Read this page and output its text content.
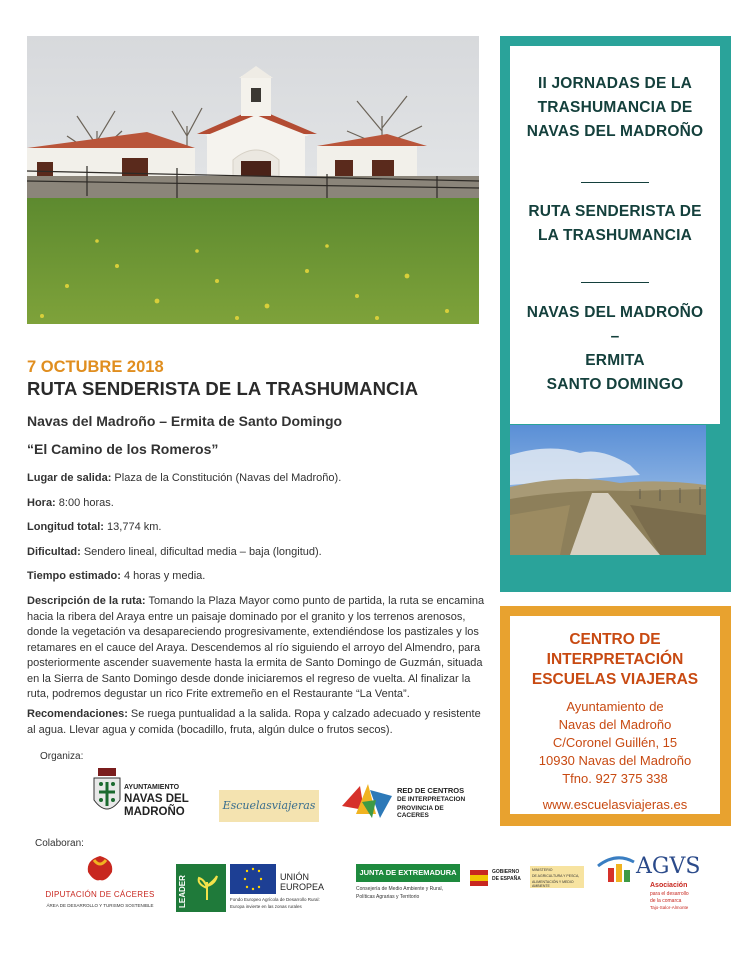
II JORNADAS DE LA
TRASHUMANCIA DE
NAVAS DEL MADROÑO
RUTA SENDERISTA DE
LA TRASHUMANCIA
NAVAS DEL MADROÑO
–
ERMITA
SANTO DOMINGO
CENTRO DE
INTERPRETACIÓN
ESCUELAS VIAJERAS
Ayuntamiento de
Navas del Madroño
C/Coronel Guillén, 15
10930 Navas del Madroño
Tfno. 927 375 338
www.escuelasviajeras.es
7 OCTUBRE 2018
RUTA SENDERISTA DE LA TRASHUMANCIA
Navas del Madroño – Ermita de Santo Domingo
“El Camino de los Romeros”
Lugar de salida: Plaza de la Constitución (Navas del Madroño).
Hora: 8:00 horas.
Longitud total: 13,774 km.
Dificultad: Sendero lineal, dificultad media – baja (longitud).
Tiempo estimado: 4 horas y media.
Descripción de la ruta: Tomando la Plaza Mayor como punto de partida, la ruta se encamina hacia la ribera del Araya entre un paisaje dominado por el granito y los terrenos arenosos, donde la vegetación va desapareciendo progresivamente, extendiéndose los pastizales y los retamares en el cauce del Araya. Descendemos al río siguiendo el arroyo del Almendro, para posteriormente ascender suavemente hasta la ermita de Santo Domingo de Guzmán, situada en la Sierra de Santo Domingo desde donde iniciaremos el regreso de vuelta. Al finalizar la ruta, podremos degustar un rico Frite extremeño en el Restaurante “La Venta”.
Recomendaciones: Se ruega puntualidad a la salida. Ropa y calzado adecuado y resistente al agua. Llevar agua y comida (bocadillo, fruta, algún dulce o frutos secos).
Organiza:
AYUNTAMIENTO
NAVAS DEL
MADROÑO	Escuelasviajeras
RED DE CENTROS
DE INTERPRETACION
PROVINCIA DE CACERES
Colaboran:
DIPUTACIÓN DE CÁCERES
ÁREA DE DESARROLLO Y TURISMO SOSTENIBLE	LEADER	UNIÓN EUROPEA
Fondo Europeo Agrícola de Desarrollo Rural:
Europa invierte en las zonas rurales
JUNTA DE EXTREMADURA
Consejería de Medio Ambiente y Rural,
Políticas Agrarias y Territorio
GOBIERNO
DE ESPAÑA
MINISTERIO
DE AGRICULTURA Y PESCA,
ALIMENTACIÓN Y MEDIO AMBIENTE
AGVS
Asociación
para el desarrollo
de la comarca
Tajo-Salor-Almonte
